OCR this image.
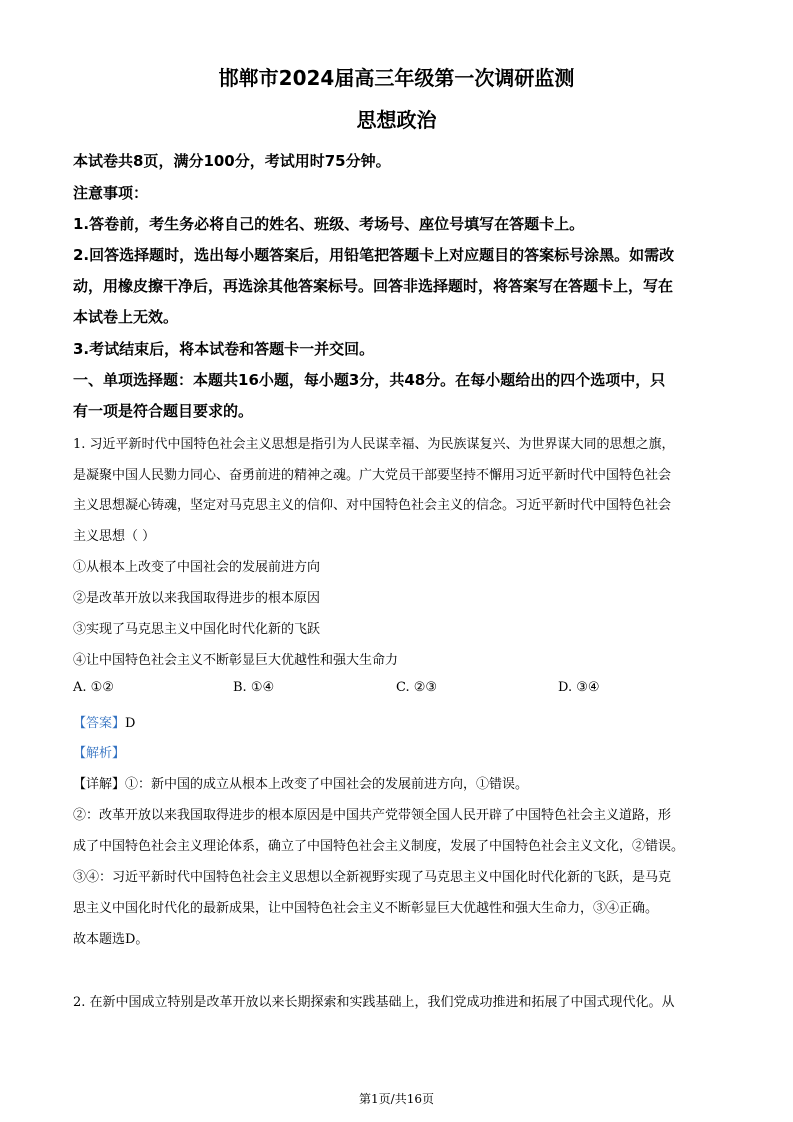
邯郸市2024届高三年级第一次调研监测
思想政治
本试卷共8页，满分100分，考试用时75分钟。
注意事项：
1.答卷前，考生务必将自己的姓名、班级、考场号、座位号填写在答题卡上。
2.回答选择题时，选出每小题答案后，用铅笔把答题卡上对应题目的答案标号涂黑。如需改
动，用橡皮擦干净后，再选涂其他答案标号。回答非选择题时，将答案写在答题卡上，写在
本试卷上无效。
3.考试结束后，将本试卷和答题卡一并交回。
一、单项选择题：本题共16小题，每小题3分，共48分。在每小题给出的四个选项中，只
有一项是符合题目要求的。
1. 习近平新时代中国特色社会主义思想是指引为人民谋幸福、为民族谋复兴、为世界谋大同的思想之旗，
是凝聚中国人民勠力同心、奋勇前进的精神之魂。广大党员干部要坚持不懈用习近平新时代中国特色社会
主义思想凝心铸魂，坚定对马克思主义的信仰、对中国特色社会主义的信念。习近平新时代中国特色社会
主义思想（ ）
①从根本上改变了中国社会的发展前进方向
②是改革开放以来我国取得进步的根本原因
③实现了马克思主义中国化时代化新的飞跃
④让中国特色社会主义不断彰显巨大优越性和强大生命力
A. ①②	B. ①④	C. ②③	D. ③④
【答案】D
【解析】
【详解】①：新中国的成立从根本上改变了中国社会的发展前进方向，①错误。
②：改革开放以来我国取得进步的根本原因是中国共产党带领全国人民开辟了中国特色社会主义道路，形
成了中国特色社会主义理论体系，确立了中国特色社会主义制度，发展了中国特色社会主义文化，②错误。
③④：习近平新时代中国特色社会主义思想以全新视野实现了马克思主义中国化时代化新的飞跃，是马克
思主义中国化时代化的最新成果，让中国特色社会主义不断彰显巨大优越性和强大生命力，③④正确。
故本题选D。
2. 在新中国成立特别是改革开放以来长期探索和实践基础上，我们党成功推进和拓展了中国式现代化。从
第1页/共16页
